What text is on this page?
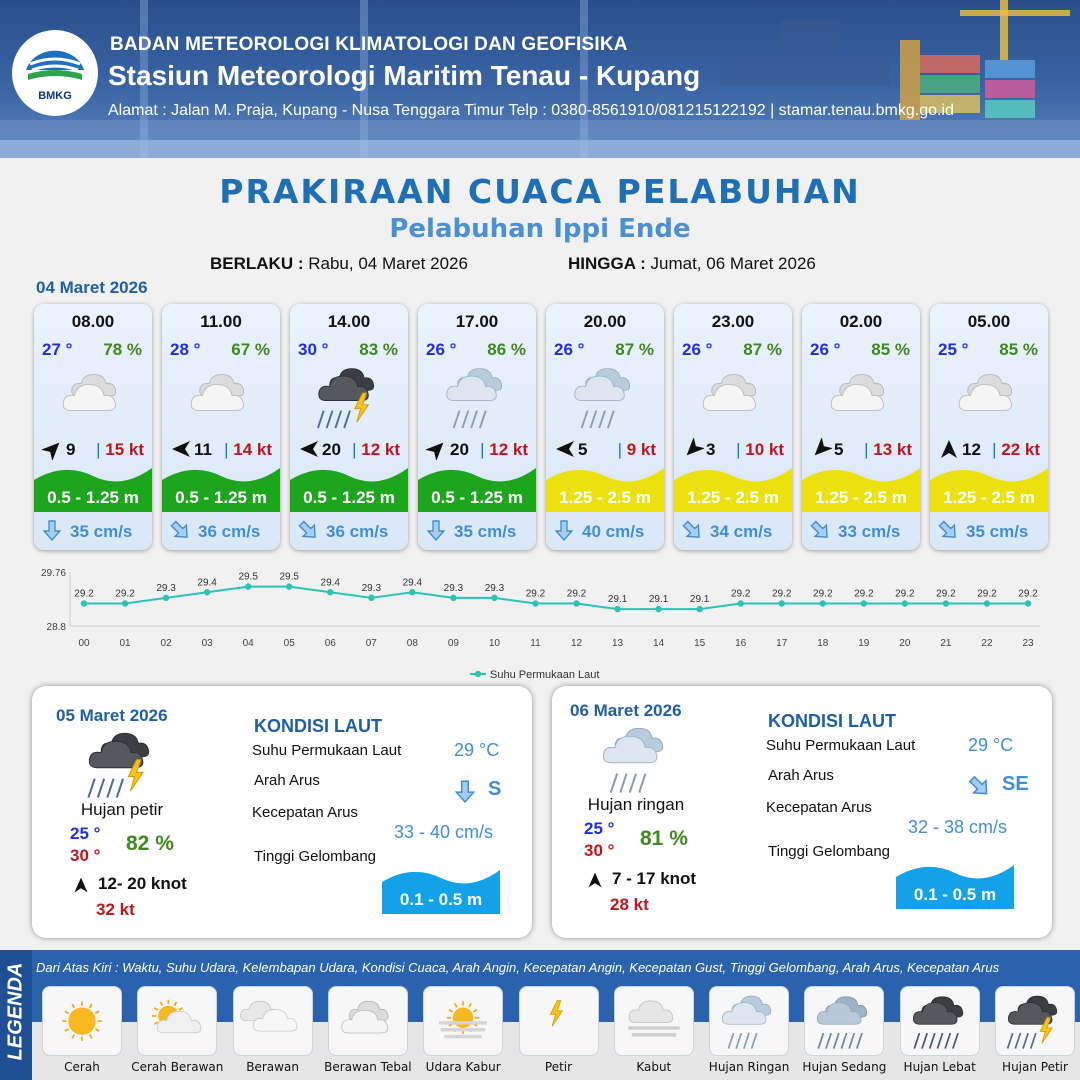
BMKG
BADAN METEOROLOGI KLIMATOLOGI DAN GEOFISIKA
Stasiun Meteorologi Maritim Tenau - Kupang
Alamat : Jalan M. Praja, Kupang - Nusa Tenggara Timur Telp : 0380-8561910/081215122192 | stamar.tenau.bmkg.go.id
PRAKIRAAN CUACA PELABUHAN
Pelabuhan Ippi Ende
BERLAKU : Rabu, 04 Maret 2026	HINGGA : Jumat, 06 Maret 2026
04 Maret 2026
08.00
27 ° 78 %
9 | 15 kt
0.5 - 1.25 m
35 cm/s
11.00
28 ° 67 %
11 | 14 kt
0.5 - 1.25 m
36 cm/s
14.00
30 ° 83 %
20 | 12 kt
0.5 - 1.25 m
36 cm/s
17.00
26 ° 86 %
20 | 12 kt
0.5 - 1.25 m
35 cm/s
20.00
26 ° 87 %
5 | 9 kt
1.25 - 2.5 m
40 cm/s
23.00
26 ° 87 %
3 | 10 kt
1.25 - 2.5 m
34 cm/s
02.00
26 ° 85 %
5 | 13 kt
1.25 - 2.5 m
33 cm/s
05.00
25 ° 85 %
12 | 22 kt
1.25 - 2.5 m
35 cm/s
29.76
28.8
29.2
00
29.2
01
29.3
02
29.4
03
29.5
04
29.5
05
29.4
06
29.3
07
29.4
08
29.3
09
29.3
10
29.2
11
29.2
12
29.1
13
29.1
14
29.1
15
29.2
16
29.2
17
29.2
18
29.2
19
29.2
20
29.2
21
29.2
22
29.2
23
Suhu Permukaan Laut
05 Maret 2026
Hujan petir
25 °
30 °
82 %
12- 20 knot
32 kt
KONDISI LAUT
Suhu Permukaan Laut	29 °C
Arah Arus	S
Kecepatan Arus
33 - 40 cm/s
Tinggi Gelombang
0.1 - 0.5 m
06 Maret 2026
Hujan ringan
25 °
30 °
81 %
7 - 17 knot
28 kt
KONDISI LAUT
Suhu Permukaan Laut	29 °C
Arah Arus	SE
Kecepatan Arus
32 - 38 cm/s
Tinggi Gelombang
0.1 - 0.5 m
LEGENDA Dari Atas Kiri : Waktu, Suhu Udara, Kelembapan Udara, Kondisi Cuaca, Arah Angin, Kecepatan Angin, Kecepatan Gust, Tinggi Gelombang, Arah Arus, Kecepatan Arus
Cerah	Cerah Berawan	Berawan	Berawan Tebal	Udara Kabur	Petir	Kabut	Hujan Ringan	Hujan Sedang	Hujan Lebat	Hujan Petir
